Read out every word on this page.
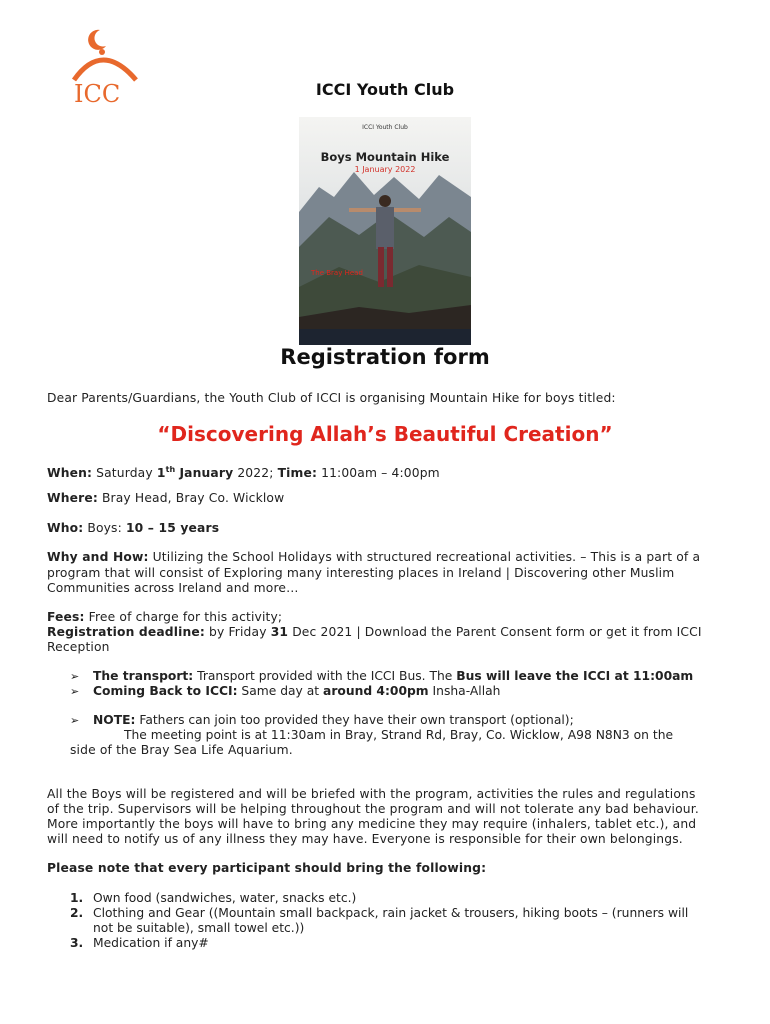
ICC	ICCI Youth Club
ICCI Youth Club
Boys Mountain Hike
1 January 2022
The Bray Head
Registration form
Dear Parents/Guardians, the Youth Club of ICCI is organising Mountain Hike for boys titled:
“Discovering Allah’s Beautiful Creation”
When: Saturday 1th January 2022; Time: 11:00am – 4:00pm
Where: Bray Head, Bray Co. Wicklow
Who: Boys: 10 – 15 years
Why and How: Utilizing the School Holidays with structured recreational activities. – This is a part of a
program that will consist of Exploring many interesting places in Ireland | Discovering other Muslim
Communities across Ireland and more…
Fees: Free of charge for this activity;
Registration deadline: by Friday 31 Dec 2021 | Download the Parent Consent form or get it from ICCI
Reception
➢ The transport: Transport provided with the ICCI Bus. The Bus will leave the ICCI at 11:00am
➢ Coming Back to ICCI: Same day at around 4:00pm Insha-Allah
➢ NOTE: Fathers can join too provided they have their own transport (optional);
The meeting point is at 11:30am in Bray, Strand Rd, Bray, Co. Wicklow, A98 N8N3 on the
side of the Bray Sea Life Aquarium.
All the Boys will be registered and will be briefed with the program, activities the rules and regulations
of the trip. Supervisors will be helping throughout the program and will not tolerate any bad behaviour.
More importantly the boys will have to bring any medicine they may require (inhalers, tablet etc.), and
will need to notify us of any illness they may have. Everyone is responsible for their own belongings.
Please note that every participant should bring the following:
1. Own food (sandwiches, water, snacks etc.)
2. Clothing and Gear ((Mountain small backpack, rain jacket & trousers, hiking boots – (runners will
not be suitable), small towel etc.))
3. Medication if any#
